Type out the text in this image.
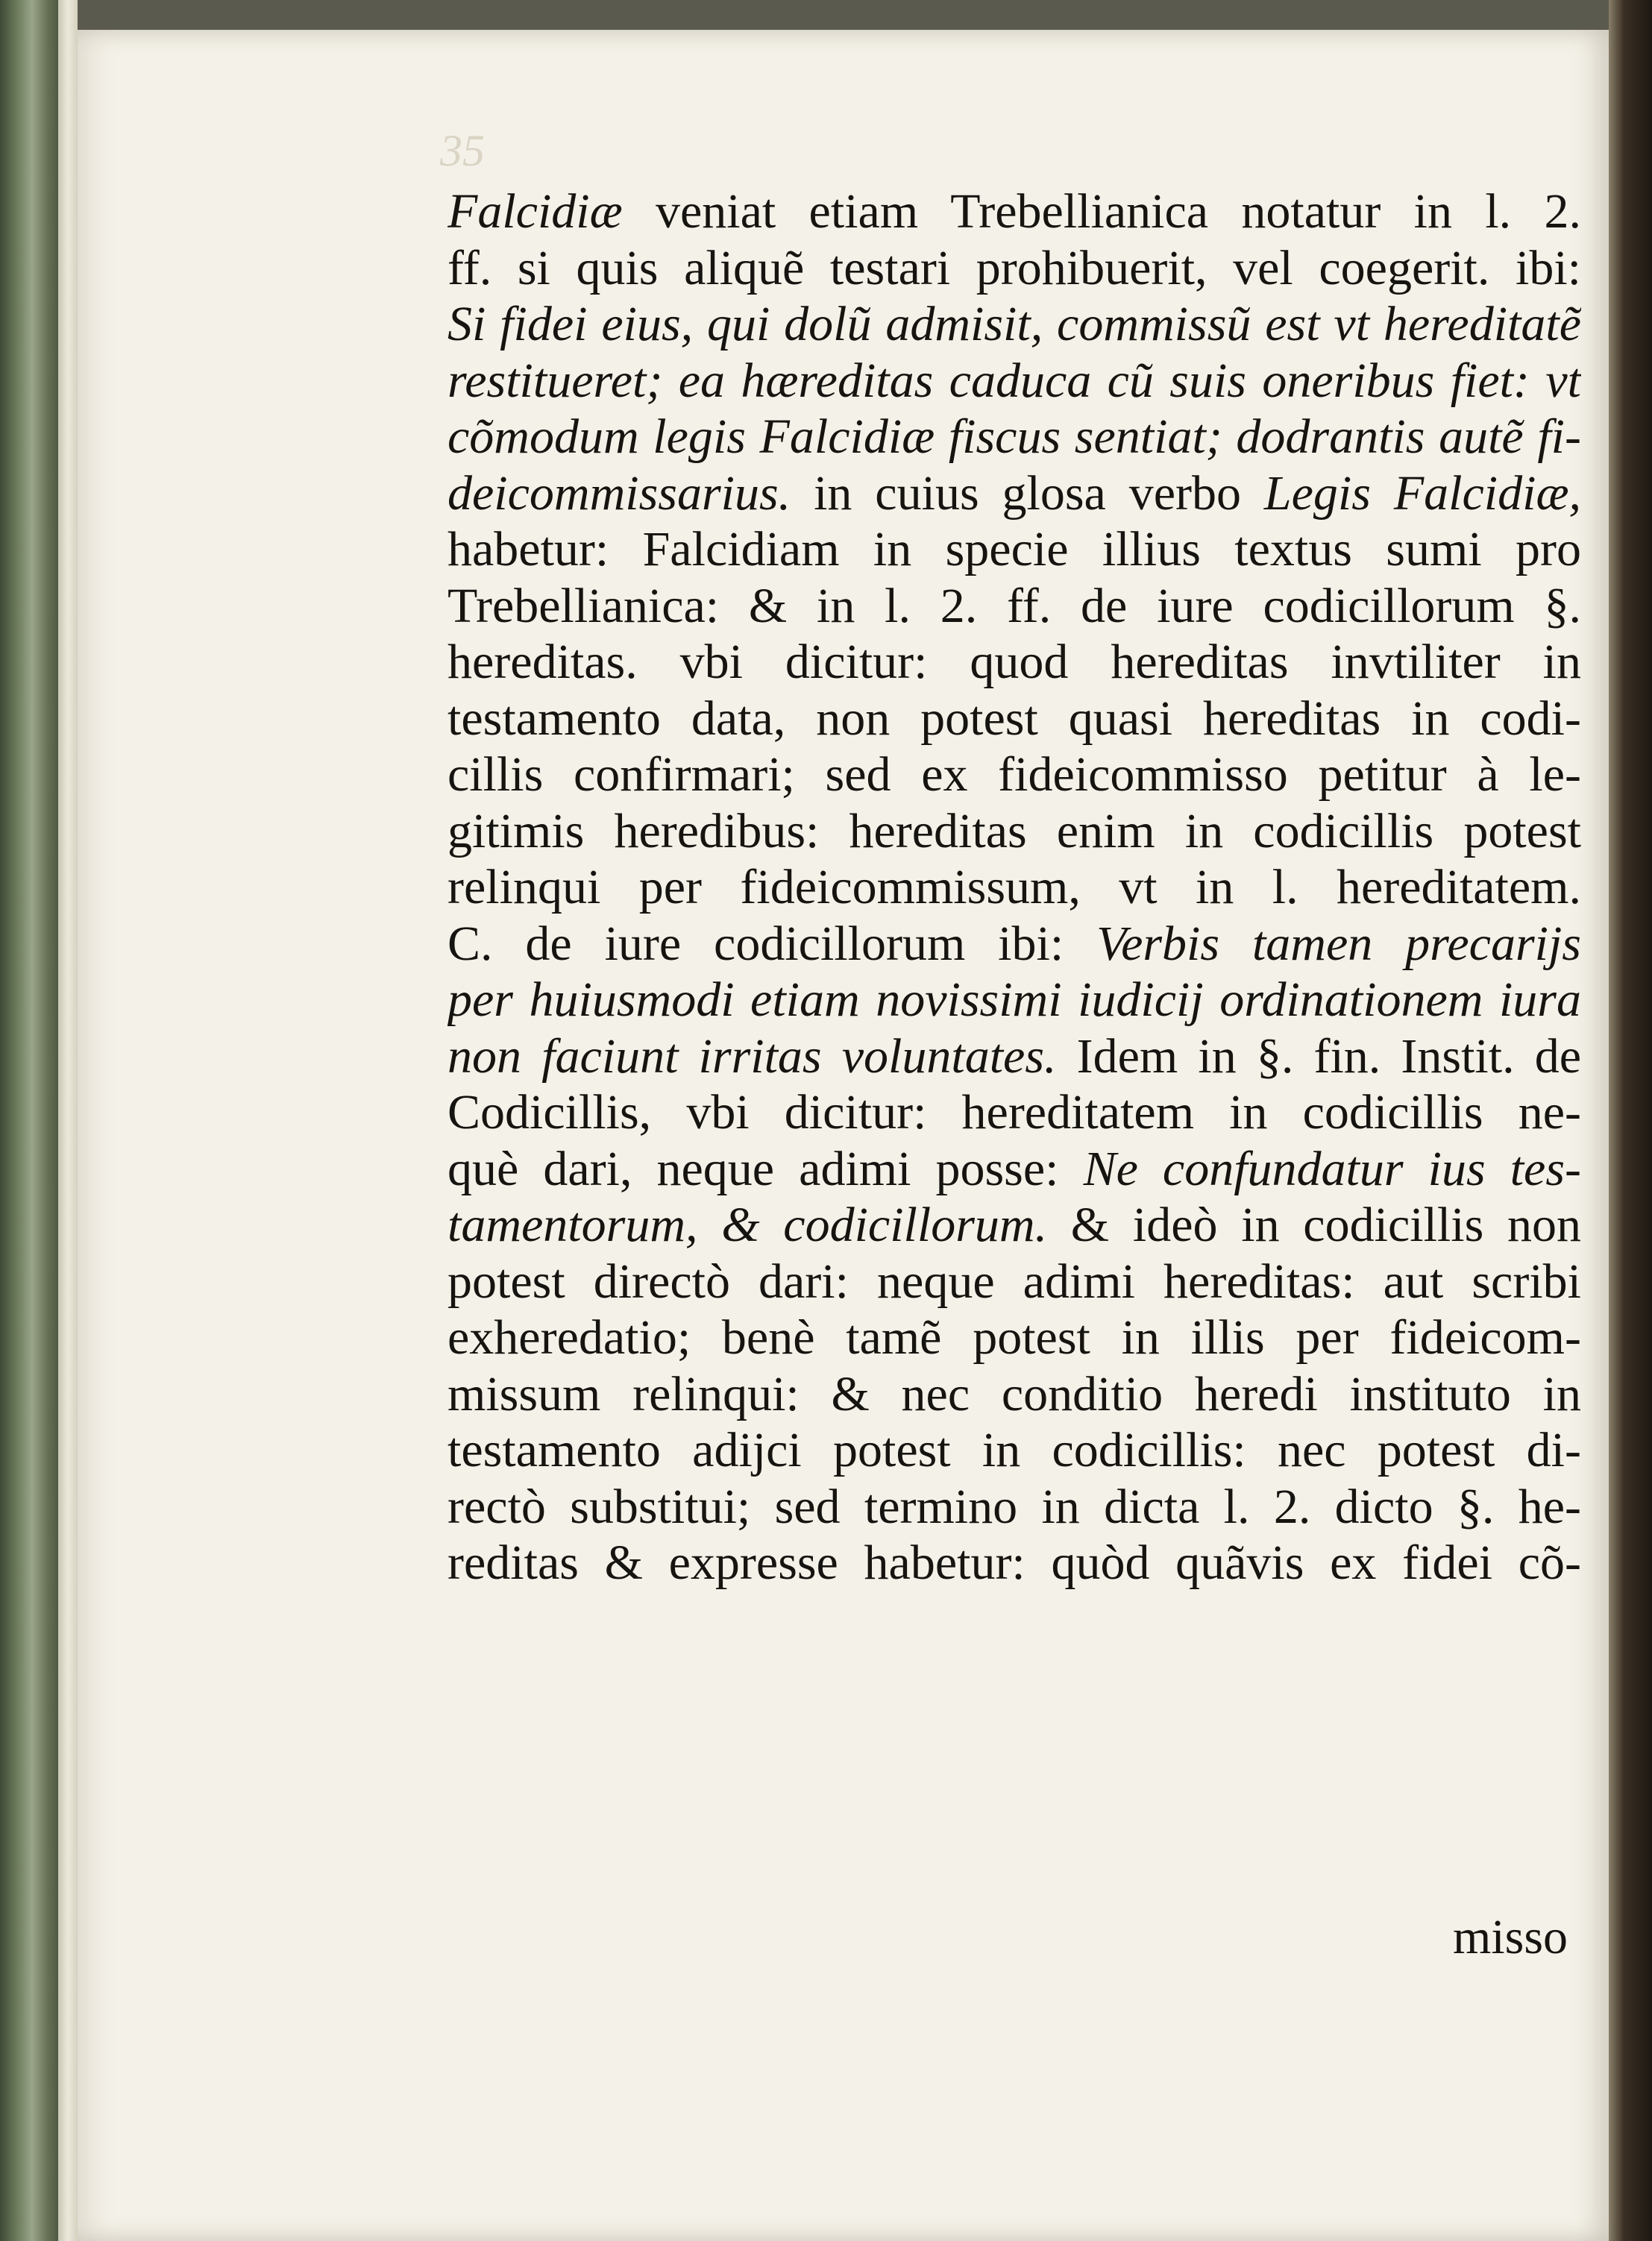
35
Falcidiæ veniat etiam Trebellianica notatur in l. 2.
ff. si quis aliquẽ testari prohibuerit, vel coegerit. ibi:
Si fidei eius, qui dolũ admisit, commissũ est vt hereditatẽ
restitueret; ea hæreditas caduca cũ suis oneribus fiet: vt
cõmodum legis Falcidiæ fiscus sentiat; dodrantis autẽ fi-
deicommissarius. in cuius glosa verbo Legis Falcidiæ,
habetur: Falcidiam in specie illius textus sumi pro
Trebellianica: & in l. 2. ff. de iure codicillorum §.
hereditas. vbi dicitur: quod hereditas invtiliter in
testamento data, non potest quasi hereditas in codi-
cillis confirmari; sed ex fideicommisso petitur à le-
gitimis heredibus: hereditas enim in codicillis potest
relinqui per fideicommissum, vt in l. hereditatem.
C. de iure codicillorum ibi: Verbis tamen precarijs
per huiusmodi etiam novissimi iudicij ordinationem iura
non faciunt irritas voluntates. Idem in §. fin. Instit. de
Codicillis, vbi dicitur: hereditatem in codicillis ne-
què dari, neque adimi posse: Ne confundatur ius tes-
tamentorum, & codicillorum. & ideò in codicillis non
potest directò dari: neque adimi hereditas: aut scribi
exheredatio; benè tamẽ potest in illis per fideicom-
missum relinqui: & nec conditio heredi instituto in
testamento adijci potest in codicillis: nec potest di-
rectò substitui; sed termino in dicta l. 2. dicto §. he-
reditas & expresse habetur: quòd quãvis ex fidei cõ-
misso
